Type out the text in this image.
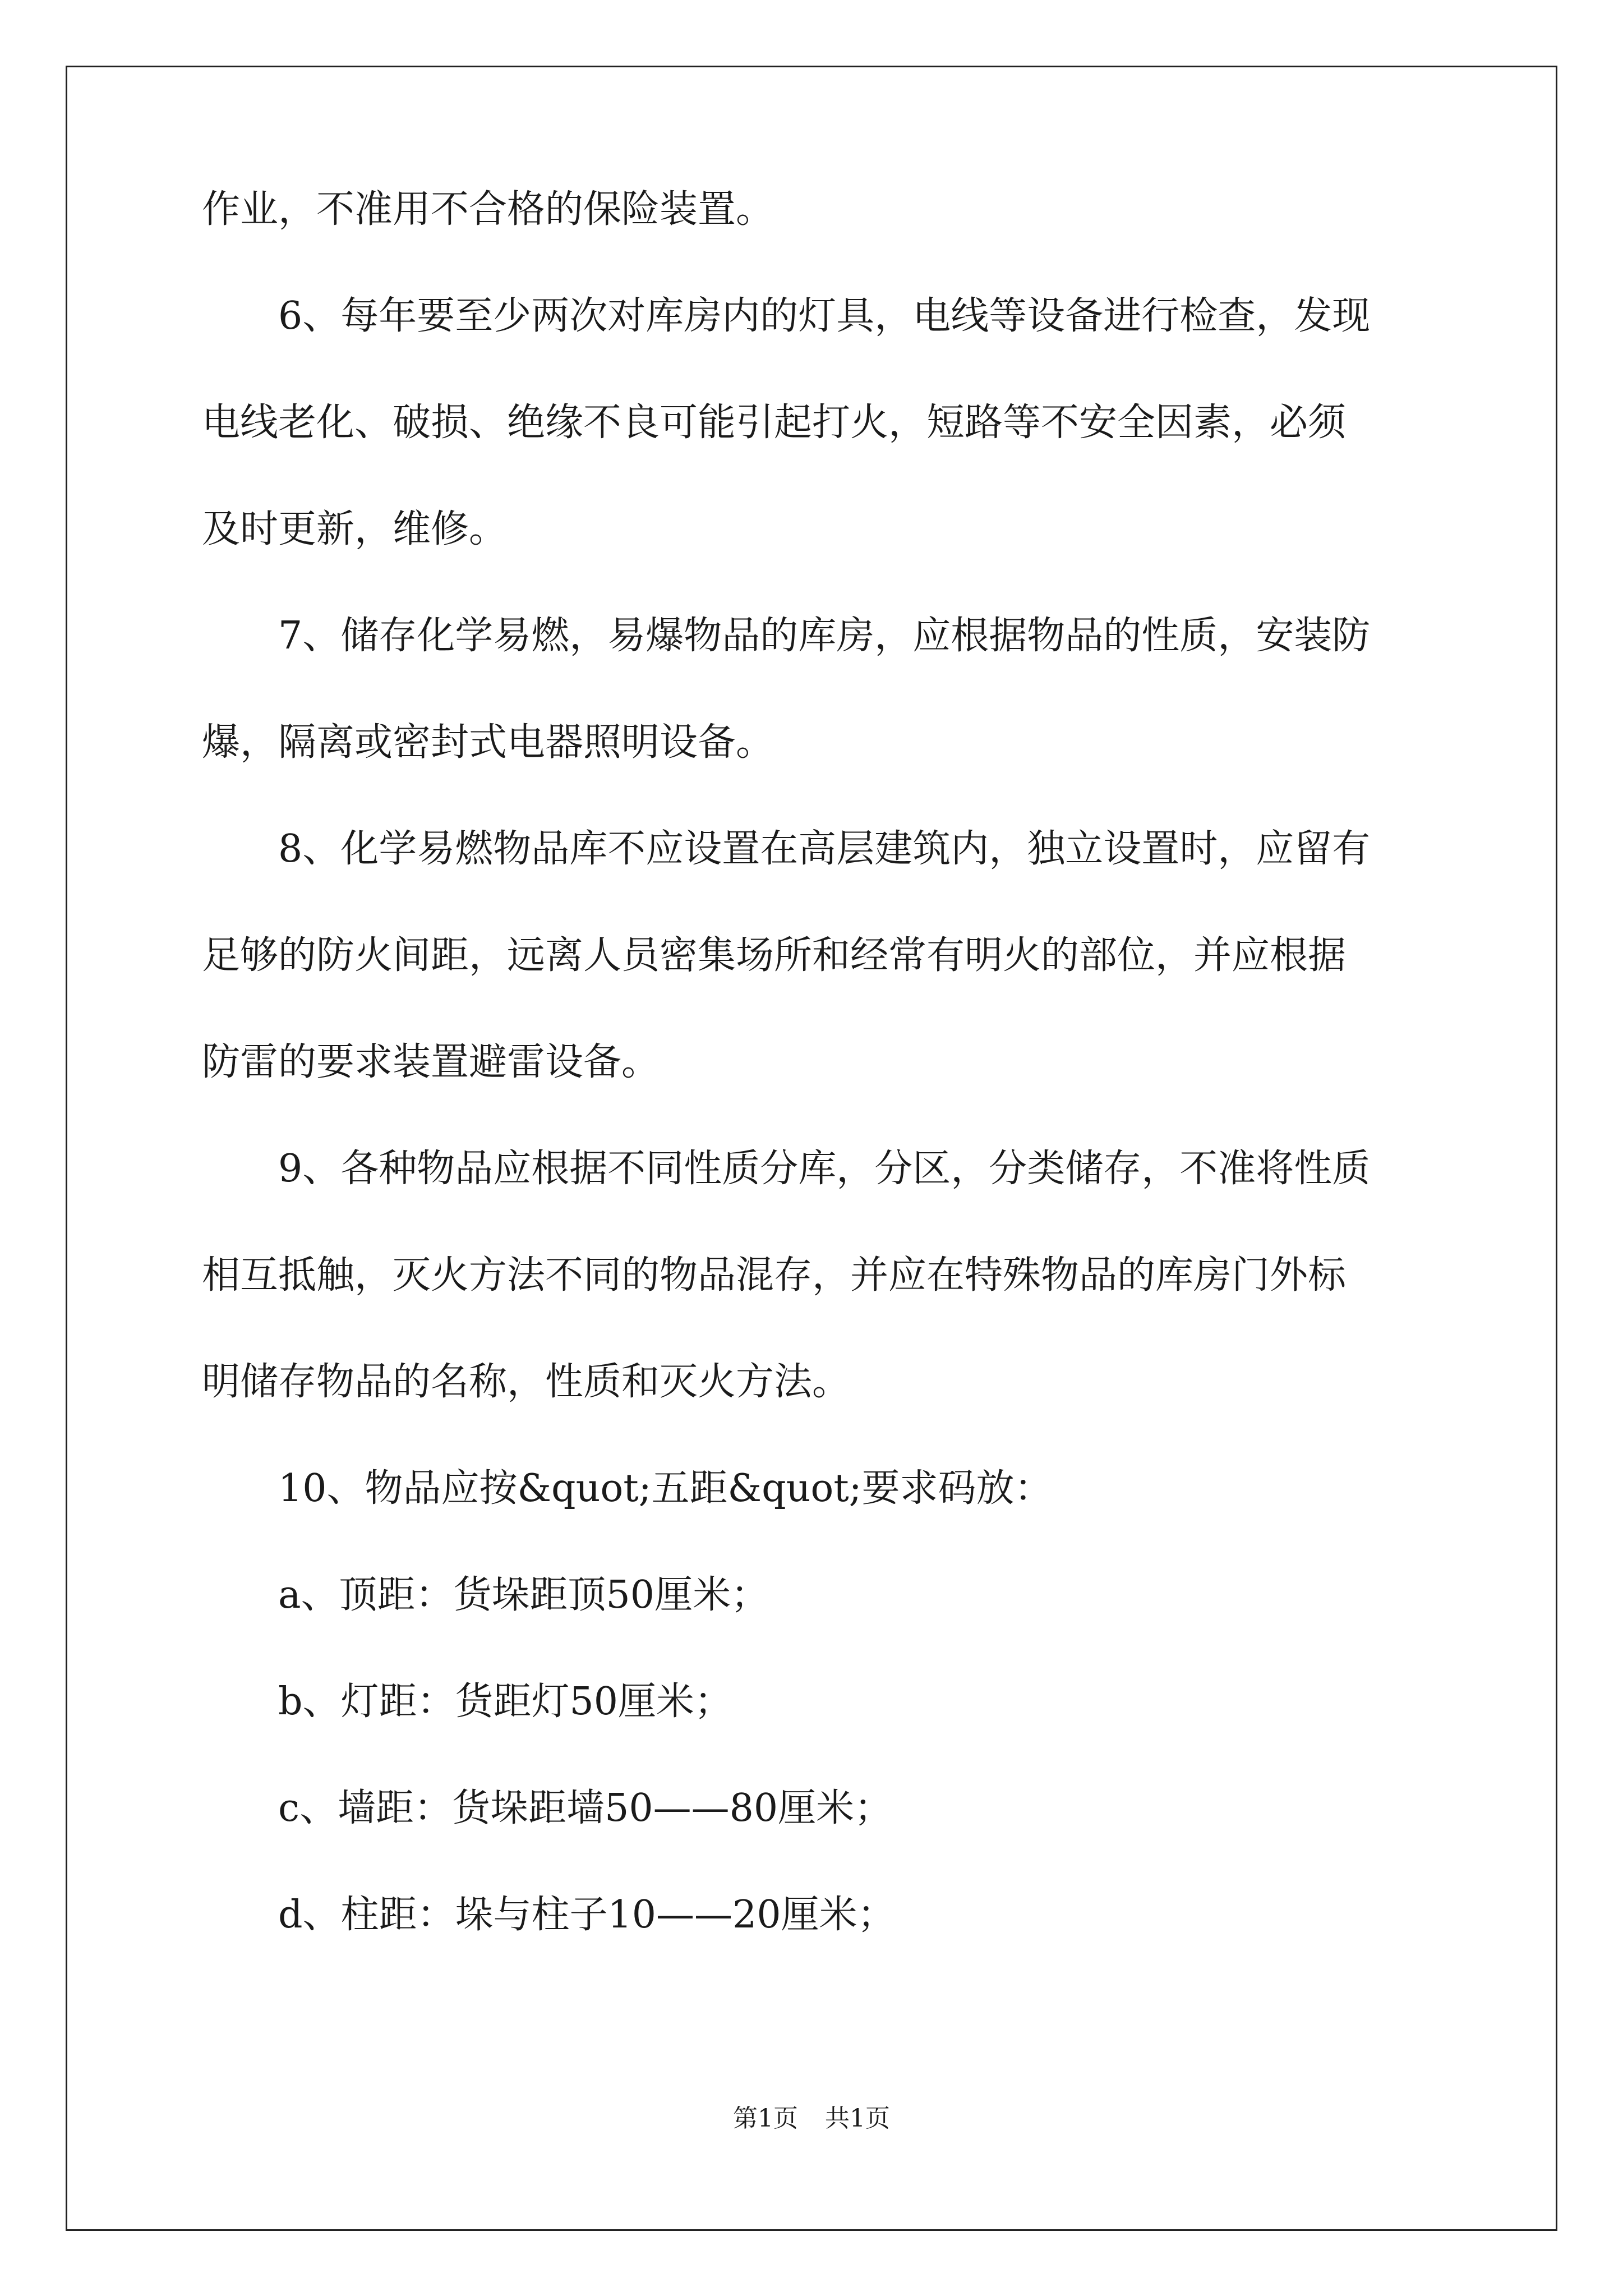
作业，不准用不合格的保险装置。
6、每年要至少两次对库房内的灯具，电线等设备进行检查，发现
电线老化、破损、绝缘不良可能引起打火，短路等不安全因素，必须
及时更新，维修。
7、储存化学易燃，易爆物品的库房，应根据物品的性质，安装防
爆，隔离或密封式电器照明设备。
8、化学易燃物品库不应设置在高层建筑内，独立设置时，应留有
足够的防火间距，远离人员密集场所和经常有明火的部位，并应根据
防雷的要求装置避雷设备。
9、各种物品应根据不同性质分库，分区，分类储存，不准将性质
相互抵触，灭火方法不同的物品混存，并应在特殊物品的库房门外标
明储存物品的名称，性质和灭火方法。
10、物品应按&quot;五距&quot;要求码放：
a、顶距：货垛距顶50厘米；
b、灯距：货距灯50厘米；
c、墙距：货垛距墙50——80厘米；
d、柱距：垛与柱子10——20厘米；
第1页 共1页
